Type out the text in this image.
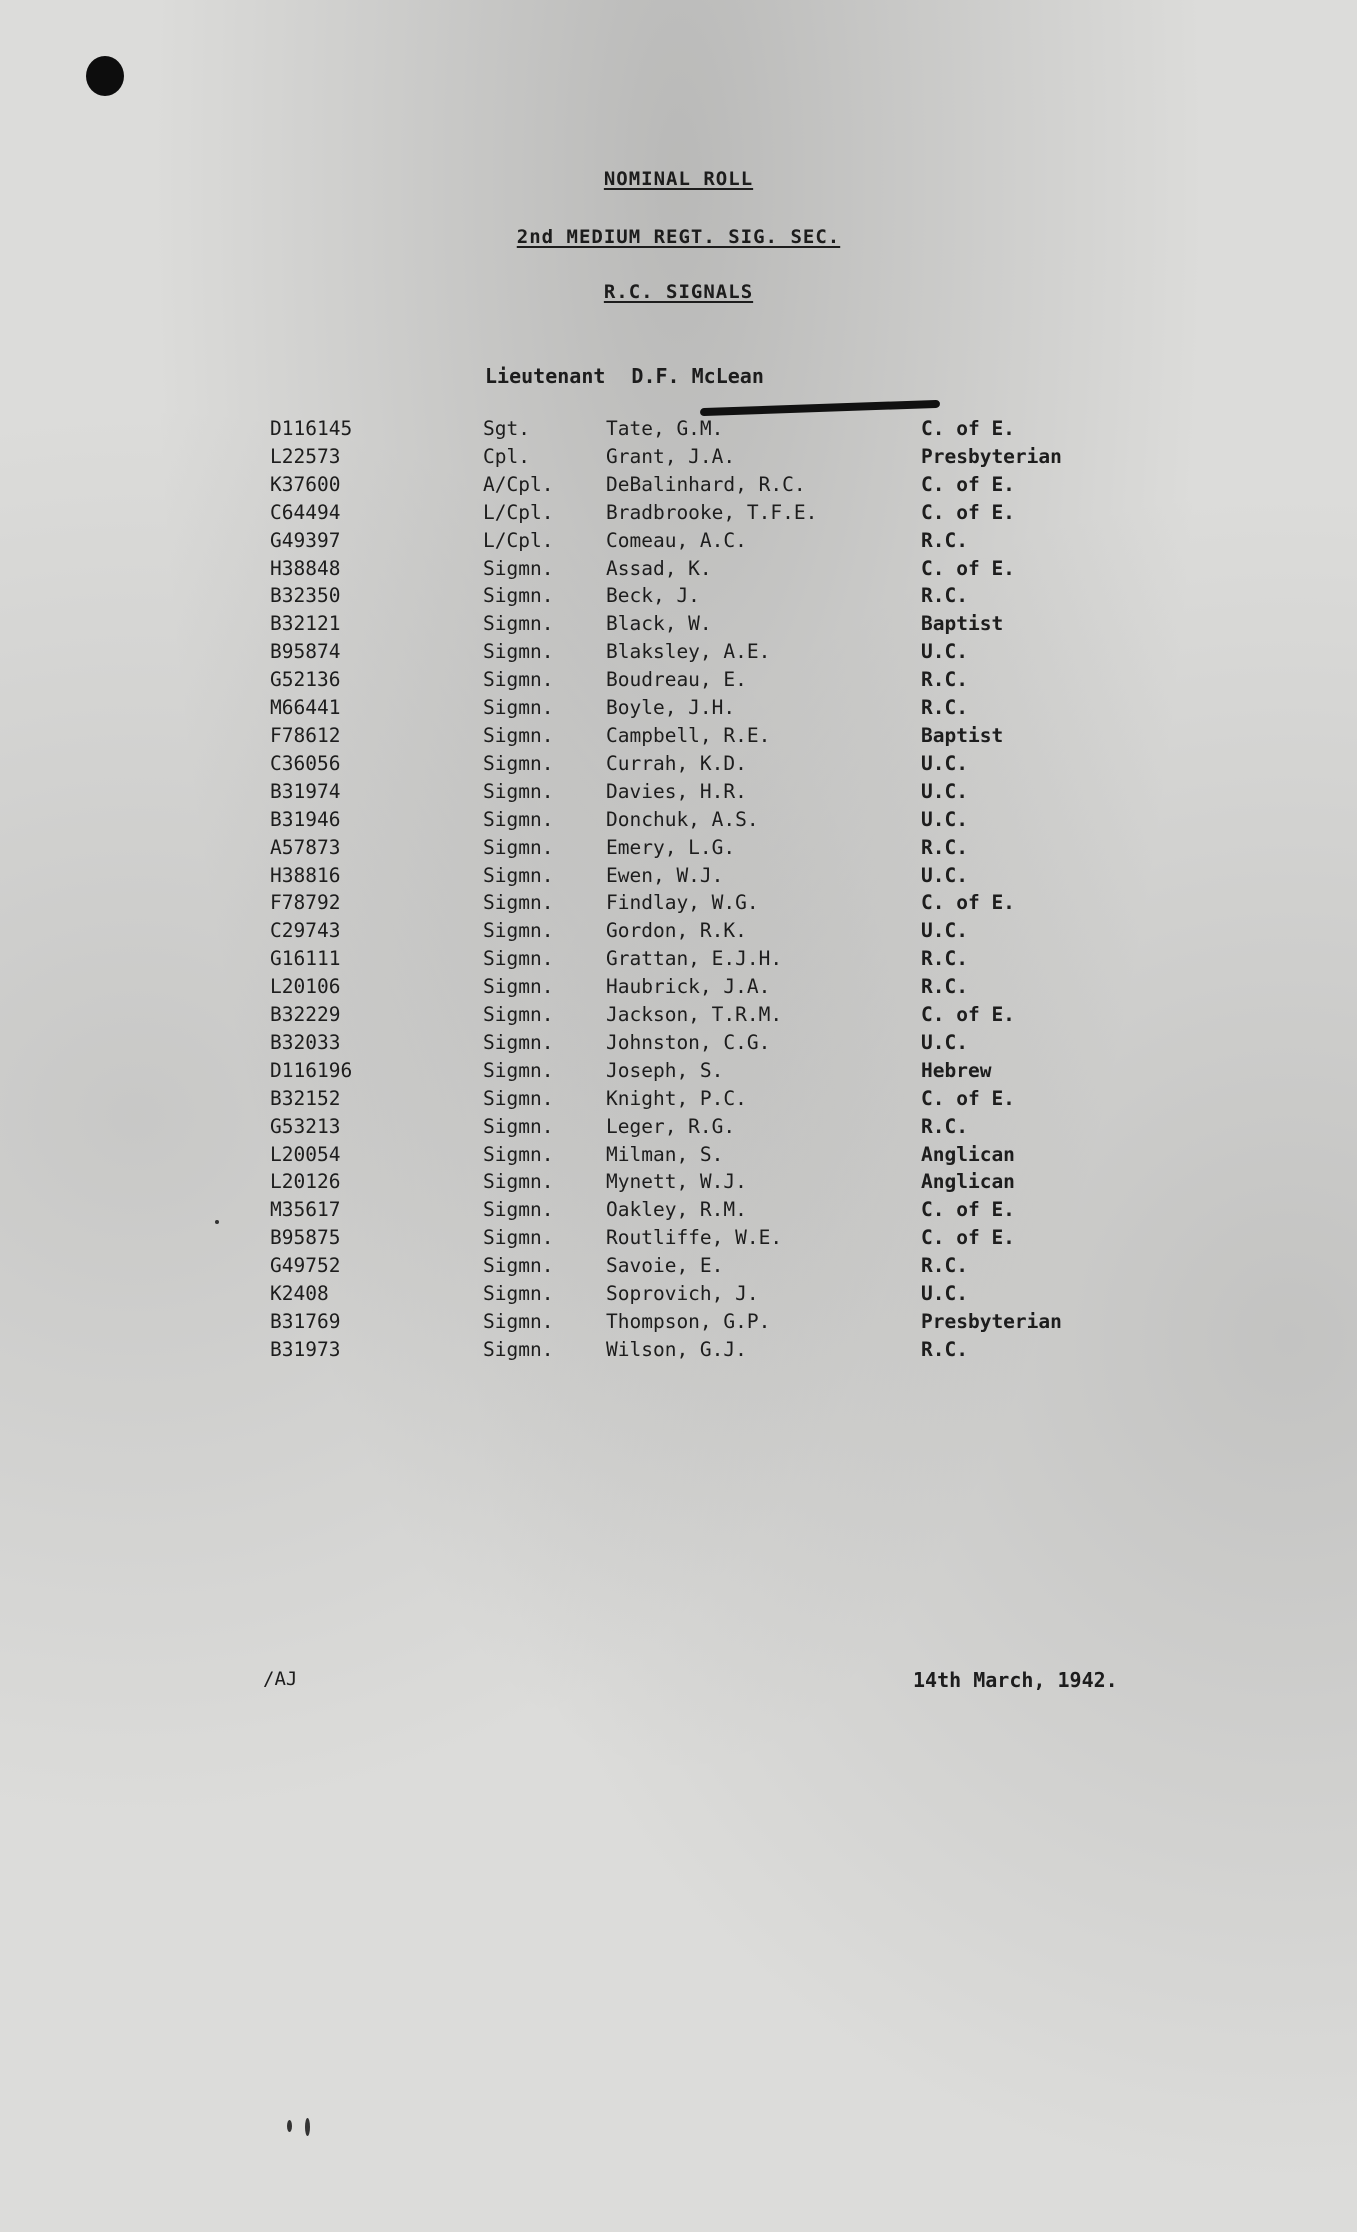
NOMINAL ROLL
2nd MEDIUM REGT. SIG. SEC.
R.C. SIGNALS
Lieutenant D.F. McLean
D116145	Sgt.	Tate, G.M.	C. of E.
L22573	Cpl.	Grant, J.A.	Presbyterian
K37600	A/Cpl.	DeBalinhard, R.C.	C. of E.
C64494	L/Cpl.	Bradbrooke, T.F.E.	C. of E.
G49397	L/Cpl.	Comeau, A.C.	R.C.
H38848	Sigmn.	Assad, K.	C. of E.
B32350	Sigmn.	Beck, J.	R.C.
B32121	Sigmn.	Black, W.	Baptist
B95874	Sigmn.	Blaksley, A.E.	U.C.
G52136	Sigmn.	Boudreau, E.	R.C.
M66441	Sigmn.	Boyle, J.H.	R.C.
F78612	Sigmn.	Campbell, R.E.	Baptist
C36056	Sigmn.	Currah, K.D.	U.C.
B31974	Sigmn.	Davies, H.R.	U.C.
B31946	Sigmn.	Donchuk, A.S.	U.C.
A57873	Sigmn.	Emery, L.G.	R.C.
H38816	Sigmn.	Ewen, W.J.	U.C.
F78792	Sigmn.	Findlay, W.G.	C. of E.
C29743	Sigmn.	Gordon, R.K.	U.C.
G16111	Sigmn.	Grattan, E.J.H.	R.C.
L20106	Sigmn.	Haubrick, J.A.	R.C.
B32229	Sigmn.	Jackson, T.R.M.	C. of E.
B32033	Sigmn.	Johnston, C.G.	U.C.
D116196	Sigmn.	Joseph, S.	Hebrew
B32152	Sigmn.	Knight, P.C.	C. of E.
G53213	Sigmn.	Leger, R.G.	R.C.
L20054	Sigmn.	Milman, S.	Anglican
L20126	Sigmn.	Mynett, W.J.	Anglican
M35617	Sigmn.	Oakley, R.M.	C. of E.
B95875	Sigmn.	Routliffe, W.E.	C. of E.
G49752	Sigmn.	Savoie, E.	R.C.
K2408	Sigmn.	Soprovich, J.	U.C.
B31769	Sigmn.	Thompson, G.P.	Presbyterian
B31973	Sigmn.	Wilson, G.J.	R.C.
/AJ	14th March, 1942.
